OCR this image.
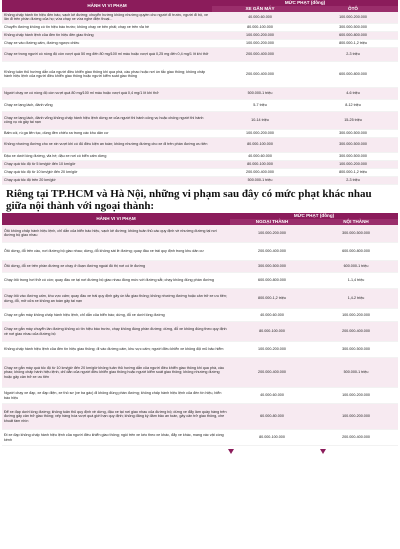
HÀNH VI VI PHẠM	MỨC PHẠT (đồng)	
	XE GẮN MÁY	ÔTÔ
Không chấp hành tín hiệu đèn báo, vạch kẻ đường; chuyển hướng không nhường quyền cho người đi trước, người đi bộ, xe lăn đi trên phần đường của họ; vừa chạy xe vừa nghe điện thoại...	40.000-60.000	100.000-200.000
Chuyển đường không có tín hiệu báo trước; không chạy xe bên phải; chạy xe trên vỉa hè	80.000-100.000	300.000-500.000
Không chấp hành lệnh của đèn tín hiệu đèn giao thông	100.000-200.000	600.000-800.000
Chạy xe vào đường cấm, đường ngược chiều	100.000-200.000	800.000-1,2 triệu
Chạy xe trong người có nồng độ cồn vượt quá 50 mg đến 80 mg/100 ml máu hoặc vượt quá 0,25 mg đến 0,4 mg/1 lít khí thở	200.000-400.000	2-3 triệu
Không tuân thủ hướng dẫn của người điều khiển giao thông khi qua phà, cầu phao hoặc nơi ùn tắc giao thông; không chấp hành hiệu lệnh của người điều khiển giao thông hoặc người kiểm soát giao thông	200.000-400.000	600.000-800.000
Người chạy xe có nồng độ cồn vượt quá 80 mg/100 ml máu hoặc vượt quá 0,4 mg/1 lít khí thở	500.000-1 triệu	4-6 triệu
Chạy xe lạng lách, đánh võng	5-7 triệu	8-12 triệu
Chạy xe lạng lách, đánh võng không chấp hành hiệu lệnh dừng xe của người thi hành công vụ hoặc chống người thi hành công vụ và gây tai nạn	10-14 triệu	15-25 triệu
Bấm còi, rú ga liên tục, dùng đèn chiếu xa trong các khu dân cư	100.000-200.000	300.000-500.000
Không nhường đường cho xe xin vượt khi có đủ điều kiện an toàn; không nhường đường cho xe đi trên phần đường ưu tiên	80.000-100.000	300.000-500.000
Đậu xe dưới lòng đường, vỉa hè; đậu xe nơi có biển cấm dừng	40.000-60.000	300.000-500.000
Chạy quá tốc độ từ 5 km/giờ đến 10 km/giờ	80.000-100.000	100.000-200.000
Chạy quá tốc độ từ 10 km/giờ đến 20 km/giờ	200.000-400.000	800.000-1,2 triệu
Chạy quá tốc độ trên 20 km/giờ	500.000-1 triệu	2-3 triệu
Riêng tại TP.HCM và Hà Nội, những vi phạm sau đây có mức phạt khác nhau giữa nội thành với ngoại thành:
HÀNH VI VI PHẠM	MỨC PHẠT (đồng)	
	NGOẠI THÀNH	NỘI THÀNH
Ôtô không chấp hành hiệu lệnh, chỉ dẫn của biển báo hiệu, vạch kẻ đường; không tuân thủ các quy định về nhường đường tại nơi đường bộ giao nhau	100.000-200.000	300.000-500.000
Ôtô dừng, đỗ trên cầu, nơi đường bộ giao nhau; dừng, đỗ không sát lề đường; quay đầu xe trái quy định trong khu dân cư	200.000-400.000	600.000-800.000
Ôtô dừng, đỗ xe trên phần đường xe chạy ở đoạn đường ngoài đô thị nơi có lề đường	300.000-500.000	600.000-1 triệu
Chạy ôtô trong hơi thở có cồn; quay đầu xe tại nơi đường bộ giao nhau đồng mức với đường sắt; chạy không đúng phần đường	600.000-800.000	1-1,4 triệu
Chạy ôtô vào đường cấm, khu vực cấm; quay đầu xe trái quy định gây ùn tắc giao thông; không nhường đường hoặc cản trở xe ưu tiên; dừng, đỗ, mở cửa xe không an toàn gây tai nạn	800.000-1,2 triệu	1,4-2 triệu
Chạy xe gắn máy không chấp hành hiệu lệnh, chỉ dẫn của biển báo; dừng, đỗ xe dưới lòng đường	40.000-60.000	100.000-200.000
Chạy xe gắn máy chuyển làn đường không có tín hiệu báo trước, chạy không đúng phần đường; dừng, đỗ xe không đúng theo quy định về nơi giao nhau của đường bộ	80.000-100.000	200.000-400.000
Không chấp hành hiệu lệnh của đèn tín hiệu giao thông; đi vào đường cấm, khu vực cấm; người điều khiển xe không đội mũ bảo hiểm	100.000-200.000	300.000-500.000
Chạy xe gắn máy quá tốc độ từ 10 km/giờ đến 20 km/giờ không tuân thủ hướng dẫn của người điều khiển giao thông khi qua phà, cầu phao; không chấp hành hiệu lệnh, chỉ dẫn của người điều khiển giao thông hoặc người kiểm soát giao thông; không nhường đường hoặc gây cản trở xe ưu tiên	200.000-400.000	500.000-1 triệu
Người chạy xe đạp, xe đạp điện, xe thô sơ (xe ba gác) đi không đúng phần đường; không chấp hành hiệu lệnh của đèn tín hiệu, biển báo hiệu	40.000-60.000	100.000-200.000
Để xe đạp dưới lòng đường; không tuân thủ quy định về dừng, đậu xe tại nơi giao nhau của đường bộ; dừng xe đẩy làm quầy hàng trên đường gây cản trở giao thông; xếp hàng hóa vượt quá giới hạn quy định; không đăng ký đảm bảo an toàn, gây cản trở giao thông, che khuất tầm nhìn	60.000-80.000	100.000-200.000
Đi xe đạp không chấp hành hiệu lệnh của người điều khiển giao thông; ngồi trên xe kéo theo xe khác, đẩy xe khác, mang vác vật cồng kềnh	80.000-100.000	200.000-400.000
